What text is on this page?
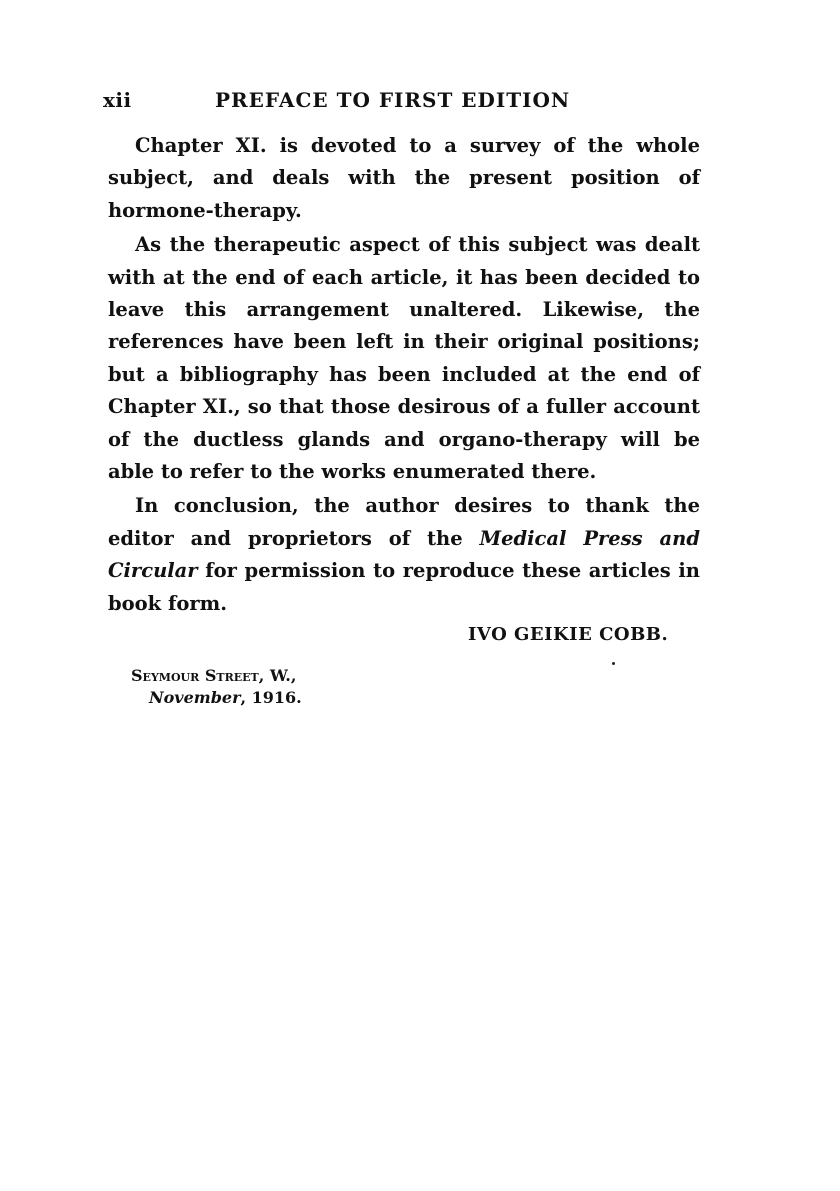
xii	PREFACE TO FIRST EDITION

Chapter XI. is devoted to a survey of the whole subject, and deals with the present position of hormone-therapy.

As the therapeutic aspect of this subject was dealt with at the end of each article, it has been decided to leave this arrangement unaltered. Likewise, the references have been left in their original positions; but a bibliography has been included at the end of Chapter XI., so that those desirous of a fuller account of the ductless glands and organo-therapy will be able to refer to the works enumerated there.

In conclusion, the author desires to thank the editor and proprietors of the Medical Press and Circular for permission to reproduce these articles in book form.

IVO GEIKIE COBB.
Seymour Street, W.,
November, 1916.
